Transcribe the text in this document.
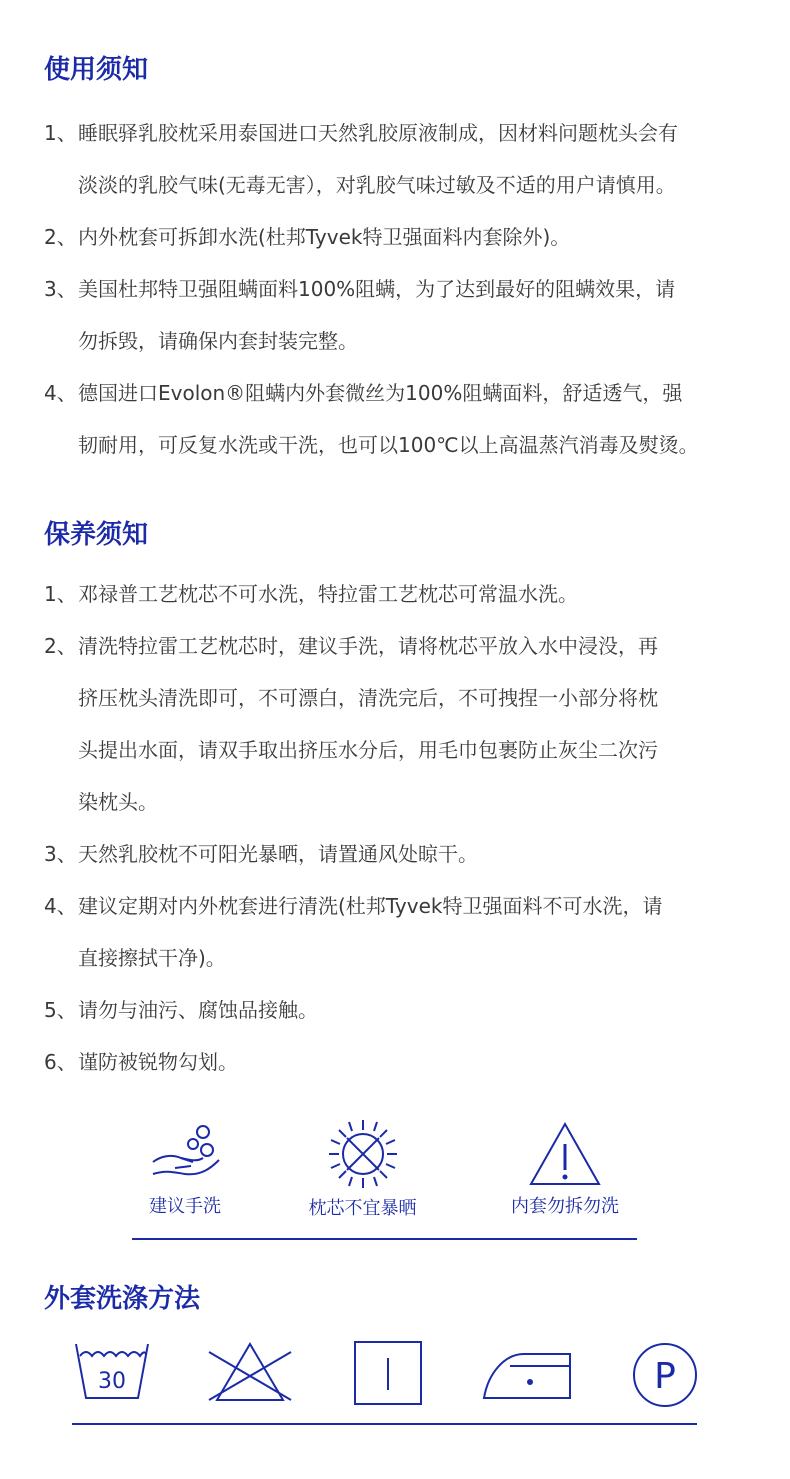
使用须知
1、 睡眠驿乳胶枕采用泰国进口天然乳胶原液制成，因材料问题枕头会有
淡淡的乳胶气味(无毒无害），对乳胶气味过敏及不适的用户请慎用。
2、 内外枕套可拆卸水洗(杜邦Tyvek特卫强面料内套除外)。
3、 美国杜邦特卫强阻螨面料100%阻螨，为了达到最好的阻螨效果，请
勿拆毁，请确保内套封装完整。
4、 德国进口Evolon®阻螨内外套微丝为100%阻螨面料，舒适透气，强
韧耐用，可反复水洗或干洗，也可以100℃以上高温蒸汽消毒及熨烫。
保养须知
1、 邓禄普工艺枕芯不可水洗，特拉雷工艺枕芯可常温水洗。
2、 清洗特拉雷工艺枕芯时，建议手洗，请将枕芯平放入水中浸没，再
挤压枕头清洗即可，不可漂白，清洗完后，不可拽捏一小部分将枕
头提出水面，请双手取出挤压水分后，用毛巾包裹防止灰尘二次污
染枕头。
3、 天然乳胶枕不可阳光暴晒，请置通风处晾干。
4、 建议定期对内外枕套进行清洗(杜邦Tyvek特卫强面料不可水洗，请
直接擦拭干净)。
5、 请勿与油污、腐蚀品接触。
6、 谨防被锐物勾划。
建议手洗	枕芯不宜暴晒	内套勿拆勿洗
外套洗涤方法
30	P
